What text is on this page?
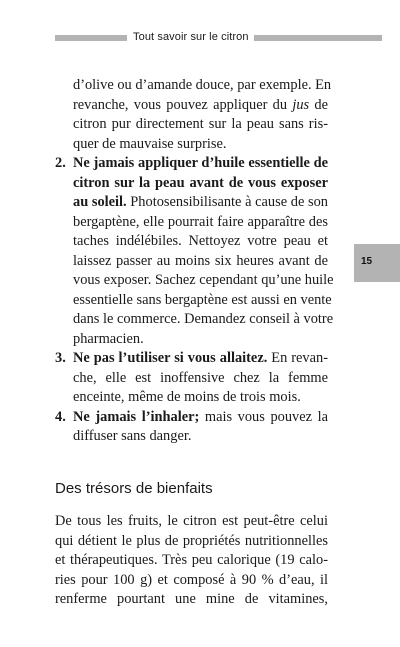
Tout savoir sur le citron
15
d’olive ou d’amande douce, par exemple. En
revanche, vous pouvez appliquer du jus de
citron pur directement sur la peau sans ris-
quer de mauvaise surprise.
2. Ne jamais appliquer d’huile essentielle de
citron sur la peau avant de vous exposer
au soleil. Photosensibilisante à cause de son
bergaptène, elle pourrait faire apparaître des
taches indélébiles. Nettoyez votre peau et
laissez passer au moins six heures avant de
vous exposer. Sachez cependant qu’une huile
essentielle sans bergaptène est aussi en vente
dans le commerce. Demandez conseil à votre
pharmacien.
3. Ne pas l’utiliser si vous allaitez. En revan-
che, elle est inoffensive chez la femme
enceinte, même de moins de trois mois.
4. Ne jamais l’inhaler; mais vous pouvez la
diffuser sans danger.
Des trésors de bienfaits
De tous les fruits, le citron est peut-être celui
qui détient le plus de propriétés nutritionnelles
et thérapeutiques. Très peu calorique (19 calo-
ries pour 100 g) et composé à 90 % d’eau, il
renferme pourtant une mine de vitamines,
